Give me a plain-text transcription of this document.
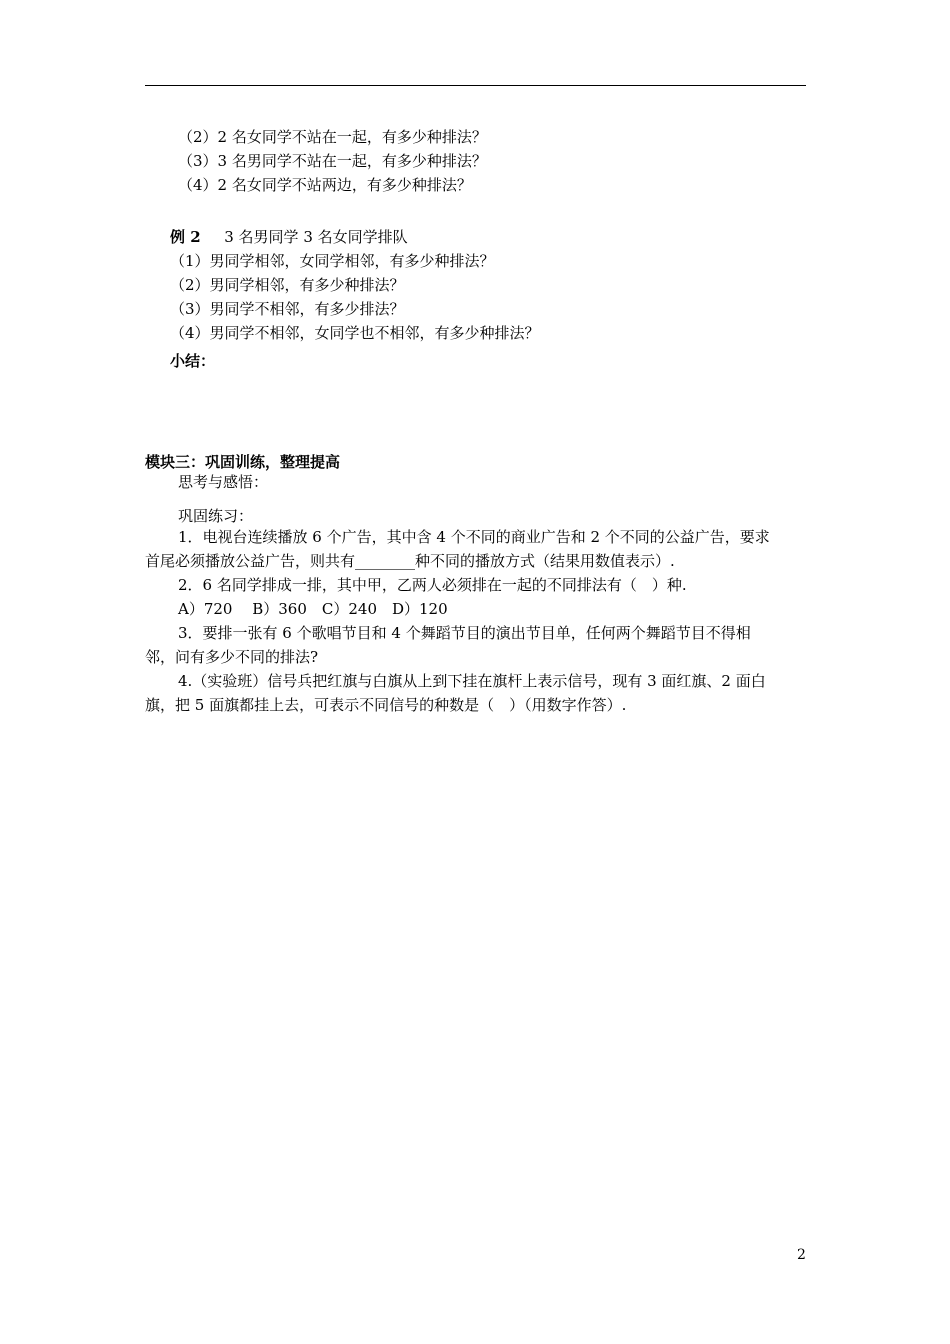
（2）2 名女同学不站在一起，有多少种排法？
（3）3 名男同学不站在一起，有多少种排法？
（4）2 名女同学不站两边，有多少种排法？
例 2 3 名男同学 3 名女同学排队
（1）男同学相邻，女同学相邻，有多少种排法？
（2）男同学相邻，有多少种排法？
（3）男同学不相邻，有多少排法？
（4）男同学不相邻，女同学也不相邻，有多少种排法？
小结：
模块三：巩固训练，整理提高
思考与感悟：
巩固练习：
1．电视台连续播放 6 个广告，其中含 4 个不同的商业广告和 2 个不同的公益广告，要求
首尾必须播放公益广告，则共有________种不同的播放方式（结果用数值表示）.
2．6 名同学排成一排，其中甲，乙两人必须排在一起的不同排法有（　）种.
A）720　 B）360　C）240　D）120
3．要排一张有 6 个歌唱节目和 4 个舞蹈节目的演出节目单，任何两个舞蹈节目不得相
邻，问有多少不同的排法?
4.（实验班）信号兵把红旗与白旗从上到下挂在旗杆上表示信号，现有 3 面红旗、2 面白
旗，把 5 面旗都挂上去，可表示不同信号的种数是（　）（用数字作答）.
2
